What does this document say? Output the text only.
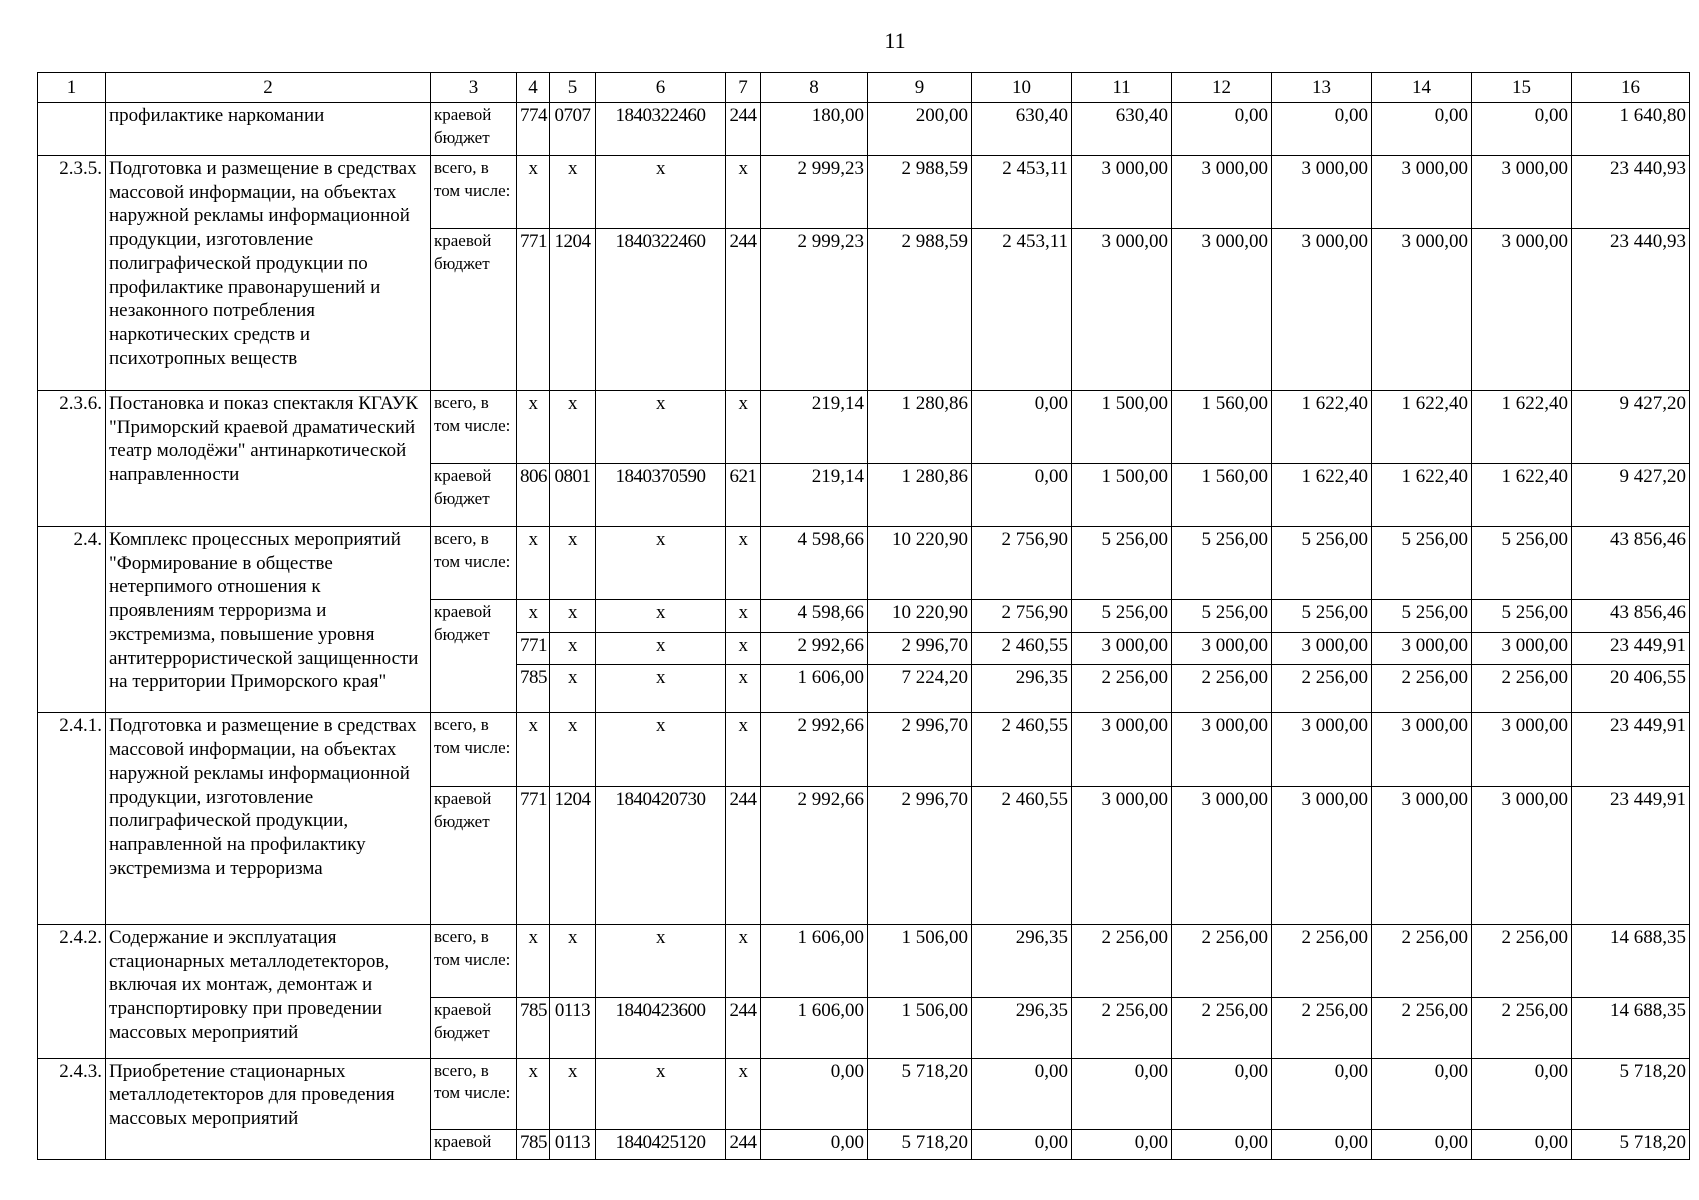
11
1	2	3	4	5	6	7	8	9	10	11	12	13	14	15	16
	профилактике наркомании	краевой бюджет	774	0707	1840322460	244	180,00	200,00	630,40	630,40	0,00	0,00	0,00	0,00	1 640,80
2.3.5.	Подготовка и размещение в средствах массовой информации, на объектах наружной рекламы информационной продукции, изготовление полиграфической продукции по профилактике правонарушений и незаконного потребления наркотических средств и психотропных веществ	всего, в том числе:	х	х	х	х	2 999,23	2 988,59	2 453,11	3 000,00	3 000,00	3 000,00	3 000,00	3 000,00	23 440,93
		краевой бюджет	771	1204	1840322460	244	2 999,23	2 988,59	2 453,11	3 000,00	3 000,00	3 000,00	3 000,00	3 000,00	23 440,93
2.3.6.	Постановка и показ спектакля КГАУК "Приморский краевой драматический театр молодёжи" антинаркотической направленности	всего, в том числе:	х	х	х	х	219,14	1 280,86	0,00	1 500,00	1 560,00	1 622,40	1 622,40	1 622,40	9 427,20
		краевой бюджет	806	0801	1840370590	621	219,14	1 280,86	0,00	1 500,00	1 560,00	1 622,40	1 622,40	1 622,40	9 427,20
2.4.	Комплекс процессных мероприятий "Формирование в обществе нетерпимого отношения к проявлениям терроризма и экстремизма, повышение уровня антитеррористической защищенности на территории Приморского края"	всего, в том числе:	х	х	х	х	4 598,66	10 220,90	2 756,90	5 256,00	5 256,00	5 256,00	5 256,00	5 256,00	43 856,46
		краевой бюджет	х	х	х	х	4 598,66	10 220,90	2 756,90	5 256,00	5 256,00	5 256,00	5 256,00	5 256,00	43 856,46
			771	х	х	х	2 992,66	2 996,70	2 460,55	3 000,00	3 000,00	3 000,00	3 000,00	3 000,00	23 449,91
			785	х	х	х	1 606,00	7 224,20	296,35	2 256,00	2 256,00	2 256,00	2 256,00	2 256,00	20 406,55
2.4.1.	Подготовка и размещение в средствах массовой информации, на объектах наружной рекламы информационной продукции, изготовление полиграфической продукции, направленной на профилактику экстремизма и терроризма	всего, в том числе:	х	х	х	х	2 992,66	2 996,70	2 460,55	3 000,00	3 000,00	3 000,00	3 000,00	3 000,00	23 449,91
		краевой бюджет	771	1204	1840420730	244	2 992,66	2 996,70	2 460,55	3 000,00	3 000,00	3 000,00	3 000,00	3 000,00	23 449,91
2.4.2.	Содержание и эксплуатация стационарных металлодетекторов, включая их монтаж, демонтаж и транспортировку при проведении массовых мероприятий	всего, в том числе:	х	х	х	х	1 606,00	1 506,00	296,35	2 256,00	2 256,00	2 256,00	2 256,00	2 256,00	14 688,35
		краевой бюджет	785	0113	1840423600	244	1 606,00	1 506,00	296,35	2 256,00	2 256,00	2 256,00	2 256,00	2 256,00	14 688,35
2.4.3.	Приобретение стационарных металлодетекторов для проведения массовых мероприятий	всего, в том числе:	х	х	х	х	0,00	5 718,20	0,00	0,00	0,00	0,00	0,00	0,00	5 718,20
		краевой	785	0113	1840425120	244	0,00	5 718,20	0,00	0,00	0,00	0,00	0,00	0,00	5 718,20
